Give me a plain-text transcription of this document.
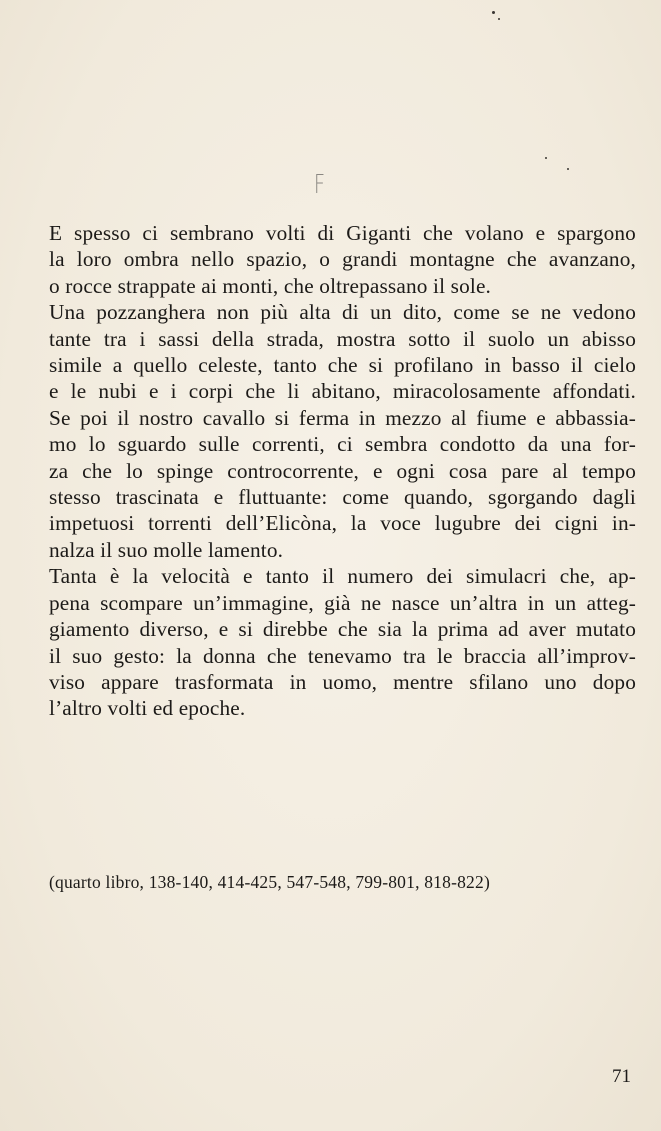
F
E spesso ci sembrano volti di Giganti che volano e spargono
la loro ombra nello spazio, o grandi montagne che avanzano,
o rocce strappate ai monti, che oltrepassano il sole.
Una pozzanghera non più alta di un dito, come se ne vedono
tante tra i sassi della strada, mostra sotto il suolo un abisso
simile a quello celeste, tanto che si profilano in basso il cielo
e le nubi e i corpi che li abitano, miracolosamente affondati.
Se poi il nostro cavallo si ferma in mezzo al fiume e abbassia-
mo lo sguardo sulle correnti, ci sembra condotto da una for-
za che lo spinge controcorrente, e ogni cosa pare al tempo
stesso trascinata e fluttuante: come quando, sgorgando dagli
impetuosi torrenti dell’Elicòna, la voce lugubre dei cigni in-
nalza il suo molle lamento.
Tanta è la velocità e tanto il numero dei simulacri che, ap-
pena scompare un’immagine, già ne nasce un’altra in un atteg-
giamento diverso, e si direbbe che sia la prima ad aver mutato
il suo gesto: la donna che tenevamo tra le braccia all’improv-
viso appare trasformata in uomo, mentre sfilano uno dopo
l’altro volti ed epoche.
(quarto libro, 138-140, 414-425, 547-548, 799-801, 818-822)
71
